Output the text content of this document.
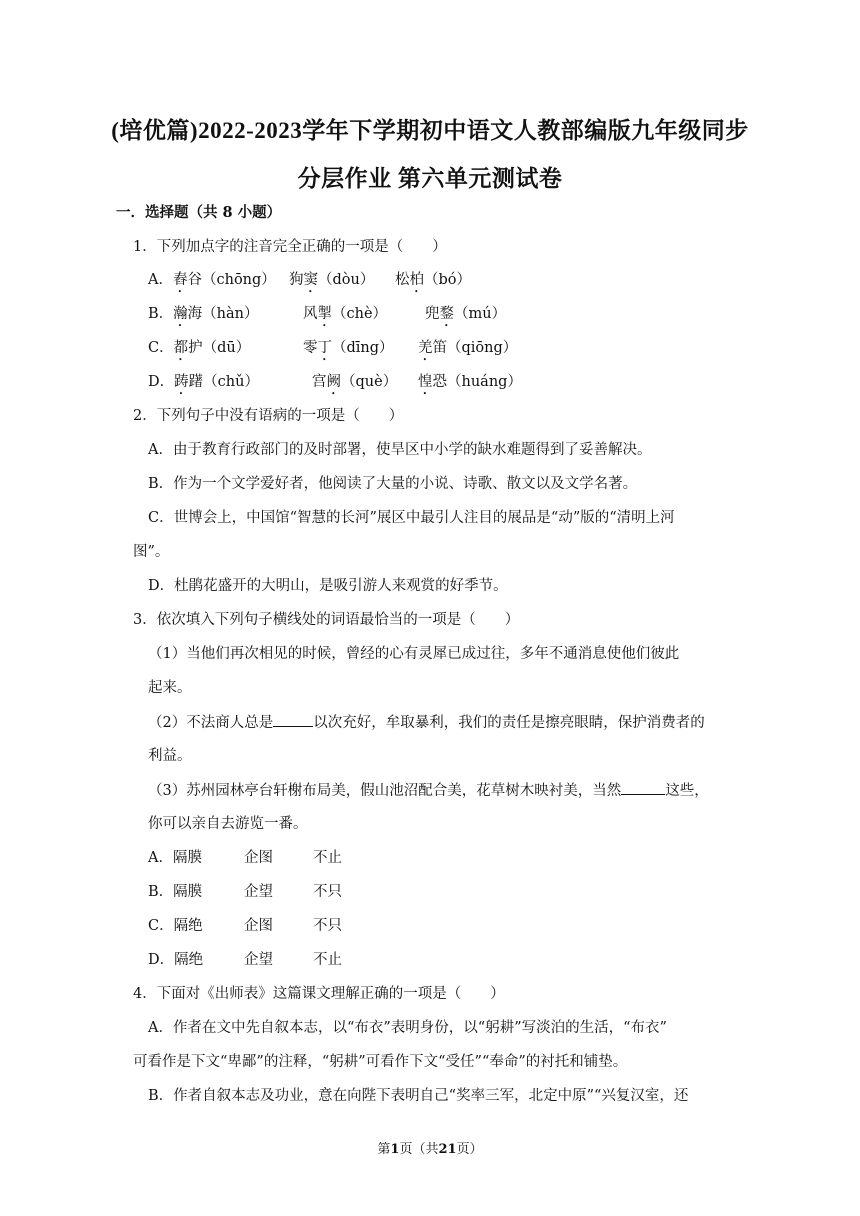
(培优篇)2022-2023学年下学期初中语文人教部编版九年级同步
分层作业 第六单元测试卷
一．选择题（共 8 小题）
1．下列加点字的注音完全正确的一项是（　　）
A．舂谷（chōng） 狗窦（dòu） 松柏（bó）
B．瀚海（hàn）	风掣（chè）	兜鍪（mú）
C．都护（dū）	零丁（dīng） 羌笛（qiōng）
D．踌躇（chǔ）	宫阙（què） 惶恐（huáng）
2．下列句子中没有语病的一项是（　　）
A．由于教育行政部门的及时部署，使旱区中小学的缺水难题得到了妥善解决。
B．作为一个文学爱好者，他阅读了大量的小说、诗歌、散文以及文学名著。
C．世博会上，中国馆“智慧的长河”展区中最引人注目的展品是“动”版的“清明上河
图”。
D．杜鹃花盛开的大明山，是吸引游人来观赏的好季节。
3．依次填入下列句子横线处的词语最恰当的一项是（　　）
（1）当他们再次相见的时候，曾经的心有灵犀已成过往，多年不通消息使他们彼此
起来。
（2）不法商人总是	以次充好，牟取暴利，我们的责任是擦亮眼睛，保护消费者的
利益。
（3）苏州园林亭台轩榭布局美，假山池沼配合美，花草树木映衬美，当然	这些，
你可以亲自去游览一番。
A．隔膜	企图	不止
B．隔膜	企望	不只
C．隔绝	企图	不只
D．隔绝	企望	不止
4．下面对《出师表》这篇课文理解正确的一项是（　　）
A．作者在文中先自叙本志，以“布衣”表明身份，以“躬耕”写淡泊的生活，“布衣”
可看作是下文“卑鄙”的注释，“躬耕”可看作下文“受任”“奉命”的衬托和铺垫。
B．作者自叙本志及功业，意在向陛下表明自己“奖率三军，北定中原”“兴复汉室，还
第1页（共21页）
